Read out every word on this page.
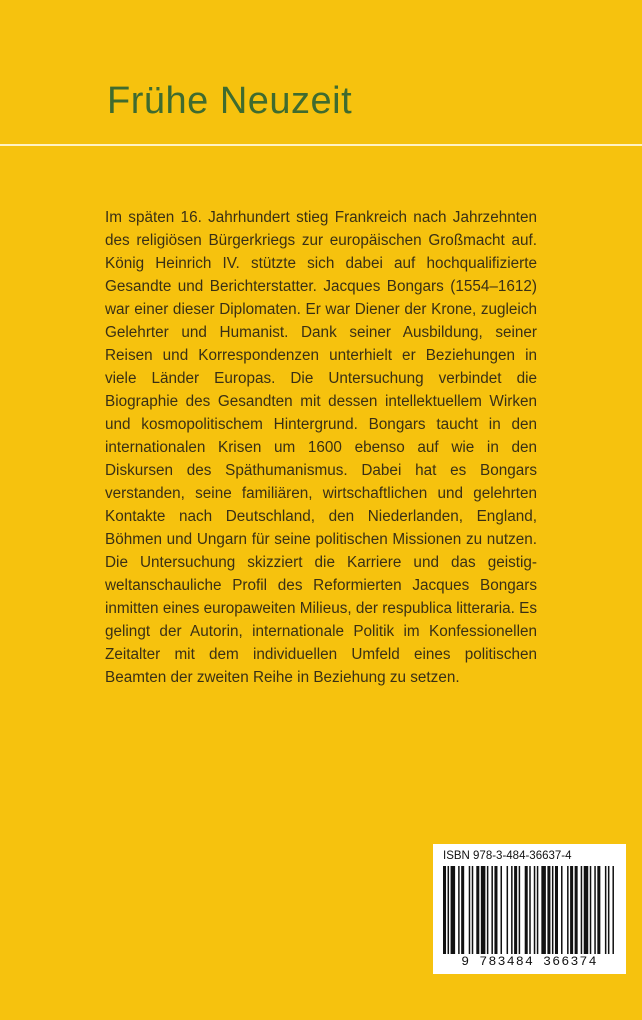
Frühe Neuzeit

Im späten 16. Jahrhundert stieg Frankreich nach Jahrzehnten des religiösen Bürgerkriegs zur europäischen Großmacht auf. König Heinrich IV. stützte sich dabei auf hochqualifizierte Gesandte und Berichterstatter. Jacques Bongars (1554–1612) war einer dieser Diplomaten. Er war Diener der Krone, zugleich Gelehrter und Humanist. Dank seiner Ausbildung, seiner Reisen und Korrespondenzen unterhielt er Beziehungen in viele Länder Europas. Die Untersuchung verbindet die Biographie des Gesandten mit dessen intellektuellem Wirken und kosmopolitischem Hintergrund. Bongars taucht in den internationalen Krisen um 1600 ebenso auf wie in den Diskursen des Späthumanismus. Dabei hat es Bongars verstanden, seine familiären, wirtschaftlichen und gelehrten Kontakte nach Deutschland, den Niederlanden, England, Böhmen und Ungarn für seine politischen Missionen zu nutzen. Die Untersuchung skizziert die Karriere und das geistig-weltanschauliche Profil des Reformierten Jacques Bongars inmitten eines europaweiten Milieus, der respublica litteraria. Es gelingt der Autorin, internationale Politik im Konfessionellen Zeitalter mit dem individuellen Umfeld eines politischen Beamten der zweiten Reihe in Beziehung zu setzen.

ISBN 978-3-484-36637-4
9 783484 366374
